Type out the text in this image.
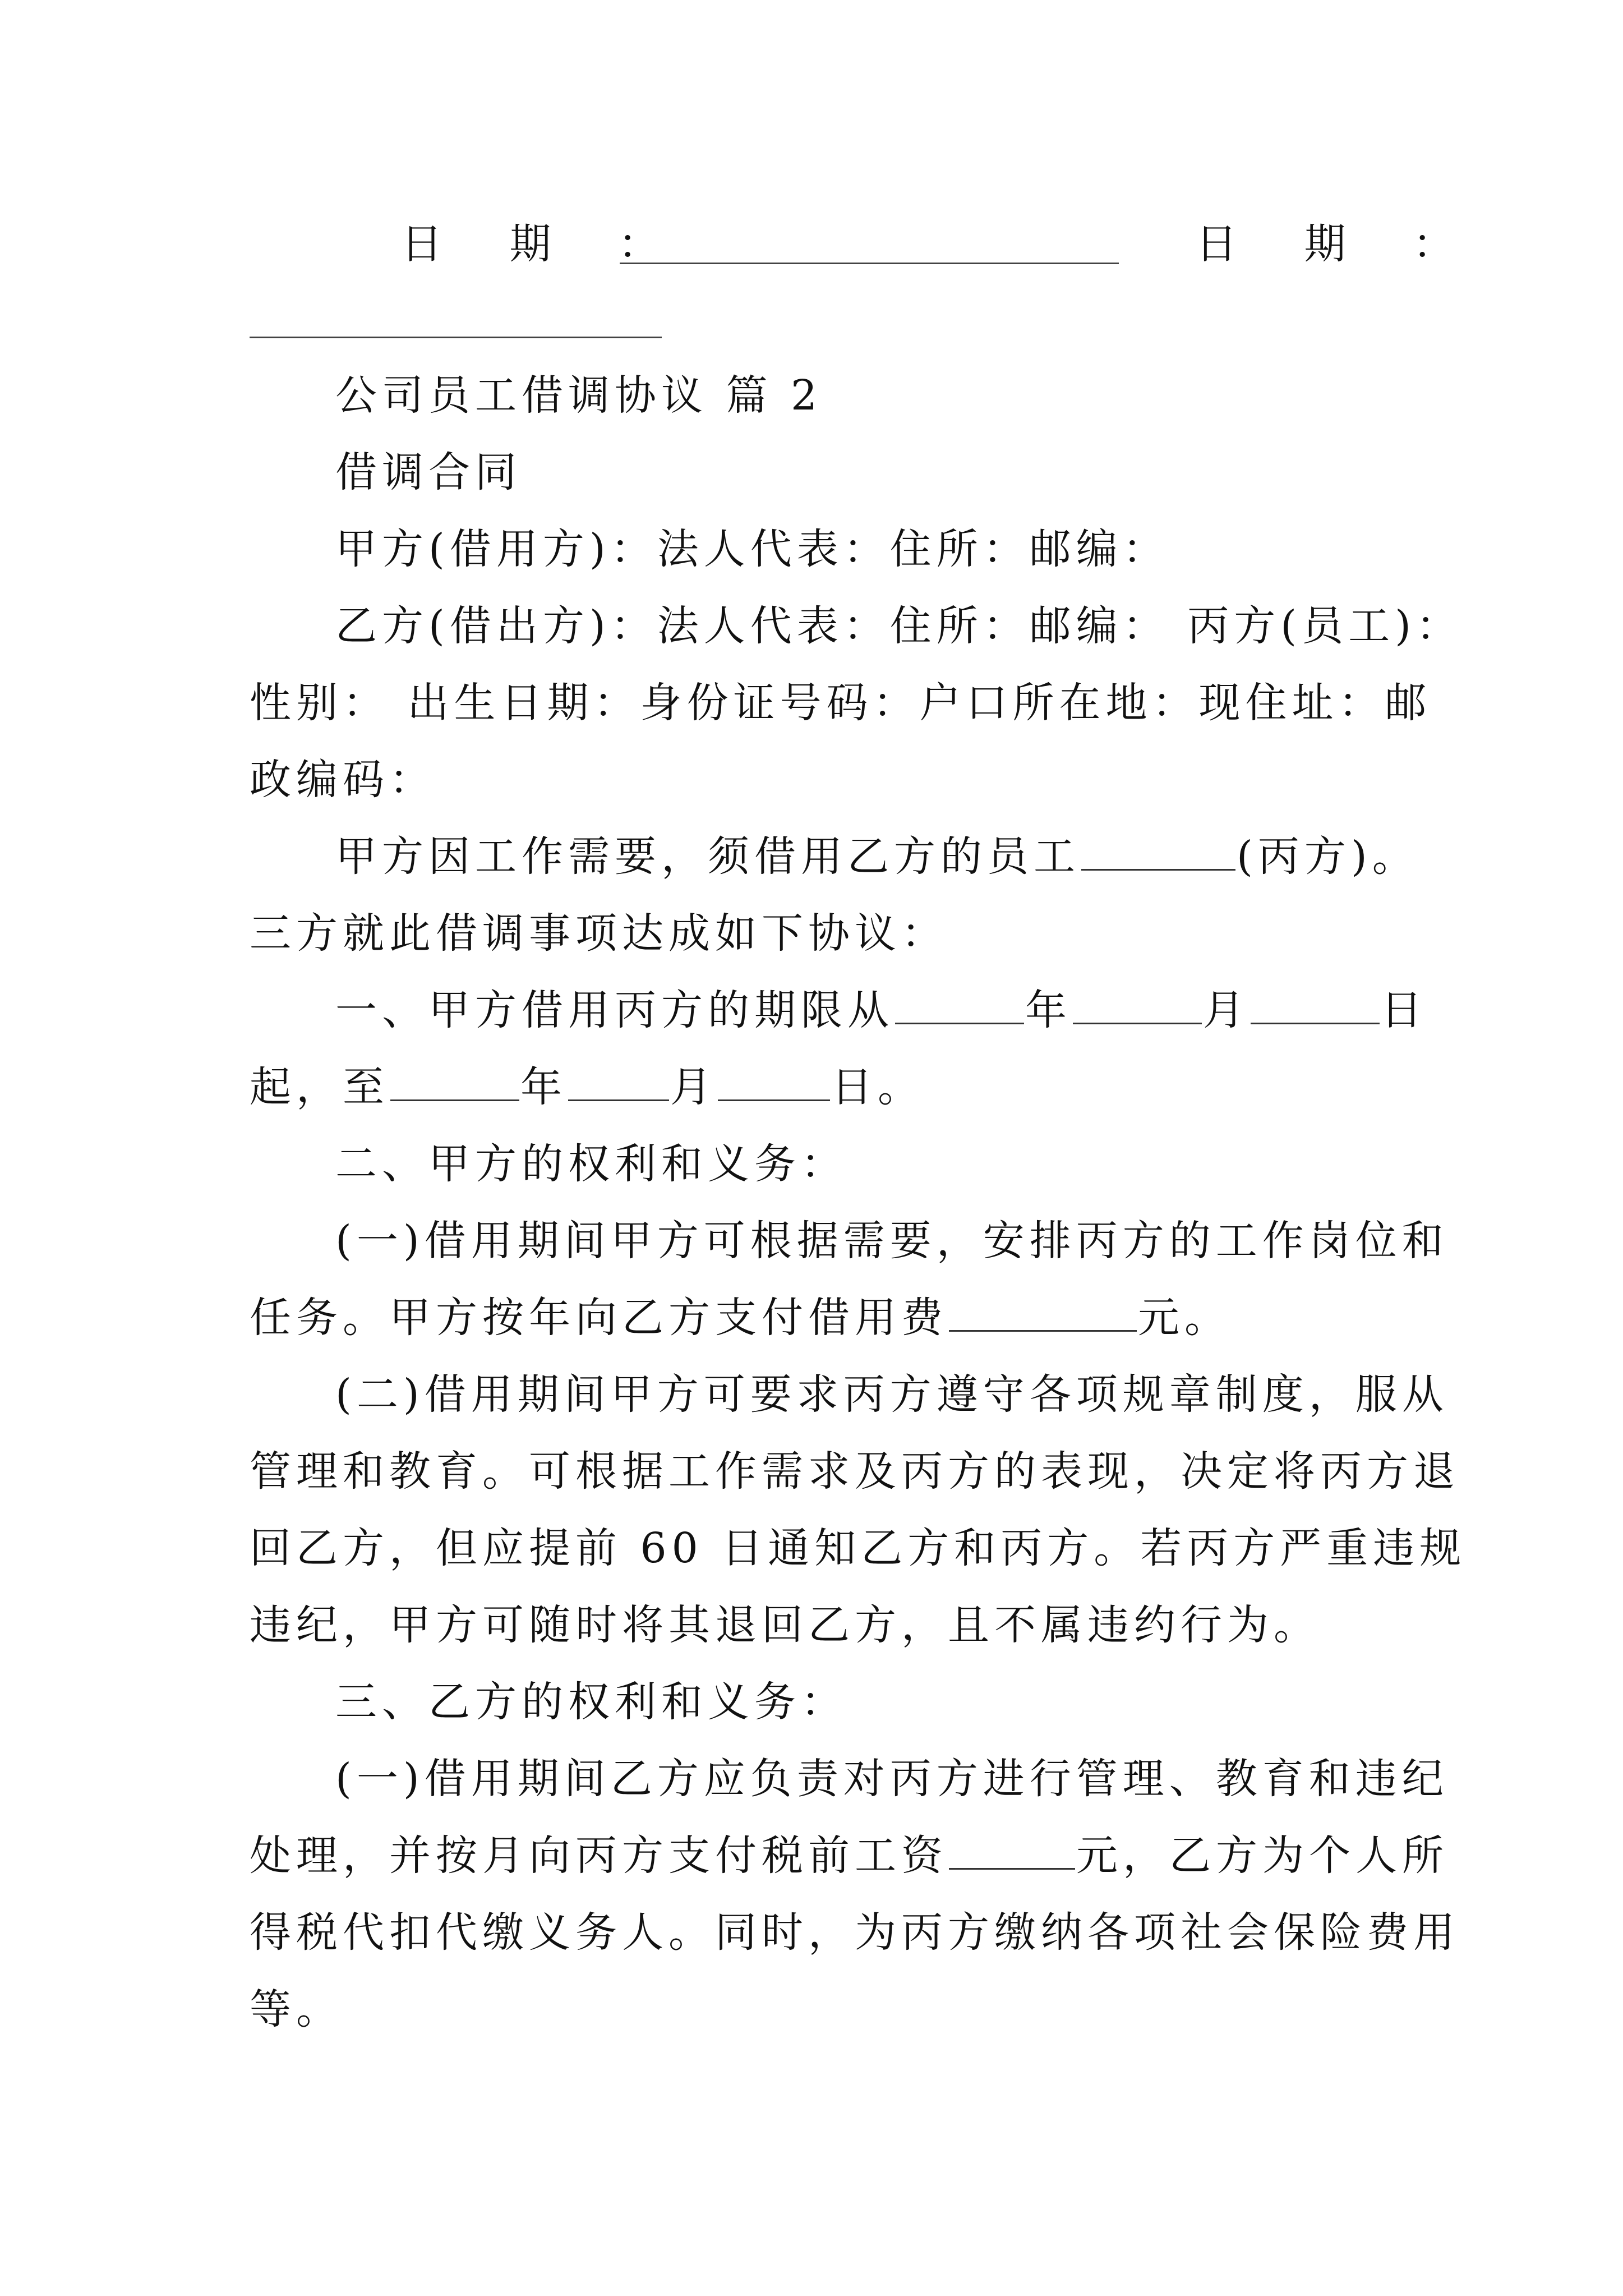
日 期 ：	日 期 ：
公司员工借调协议 篇 2
借调合同
甲方(借用方)：法人代表：住所：邮编：
乙方(借出方)：法人代表：住所：邮编： 丙方(员工)：
性别： 出生日期：身份证号码：户口所在地：现住址：邮
政编码：
甲方因工作需要，须借用乙方的员工	(丙方)。
三方就此借调事项达成如下协议：
一、甲方借用丙方的期限从	年	月	日
起，至	年 月	日。
二、甲方的权利和义务：
(一)借用期间甲方可根据需要，安排丙方的工作岗位和
任务。甲方按年向乙方支付借用费	元。
(二)借用期间甲方可要求丙方遵守各项规章制度，服从
管理和教育。可根据工作需求及丙方的表现，决定将丙方退
回乙方，但应提前 60 日通知乙方和丙方。若丙方严重违规
违纪，甲方可随时将其退回乙方，且不属违约行为。
三、乙方的权利和义务：
(一)借用期间乙方应负责对丙方进行管理、教育和违纪
处理，并按月向丙方支付税前工资	元，乙方为个人所
得税代扣代缴义务人。同时，为丙方缴纳各项社会保险费用
等。
